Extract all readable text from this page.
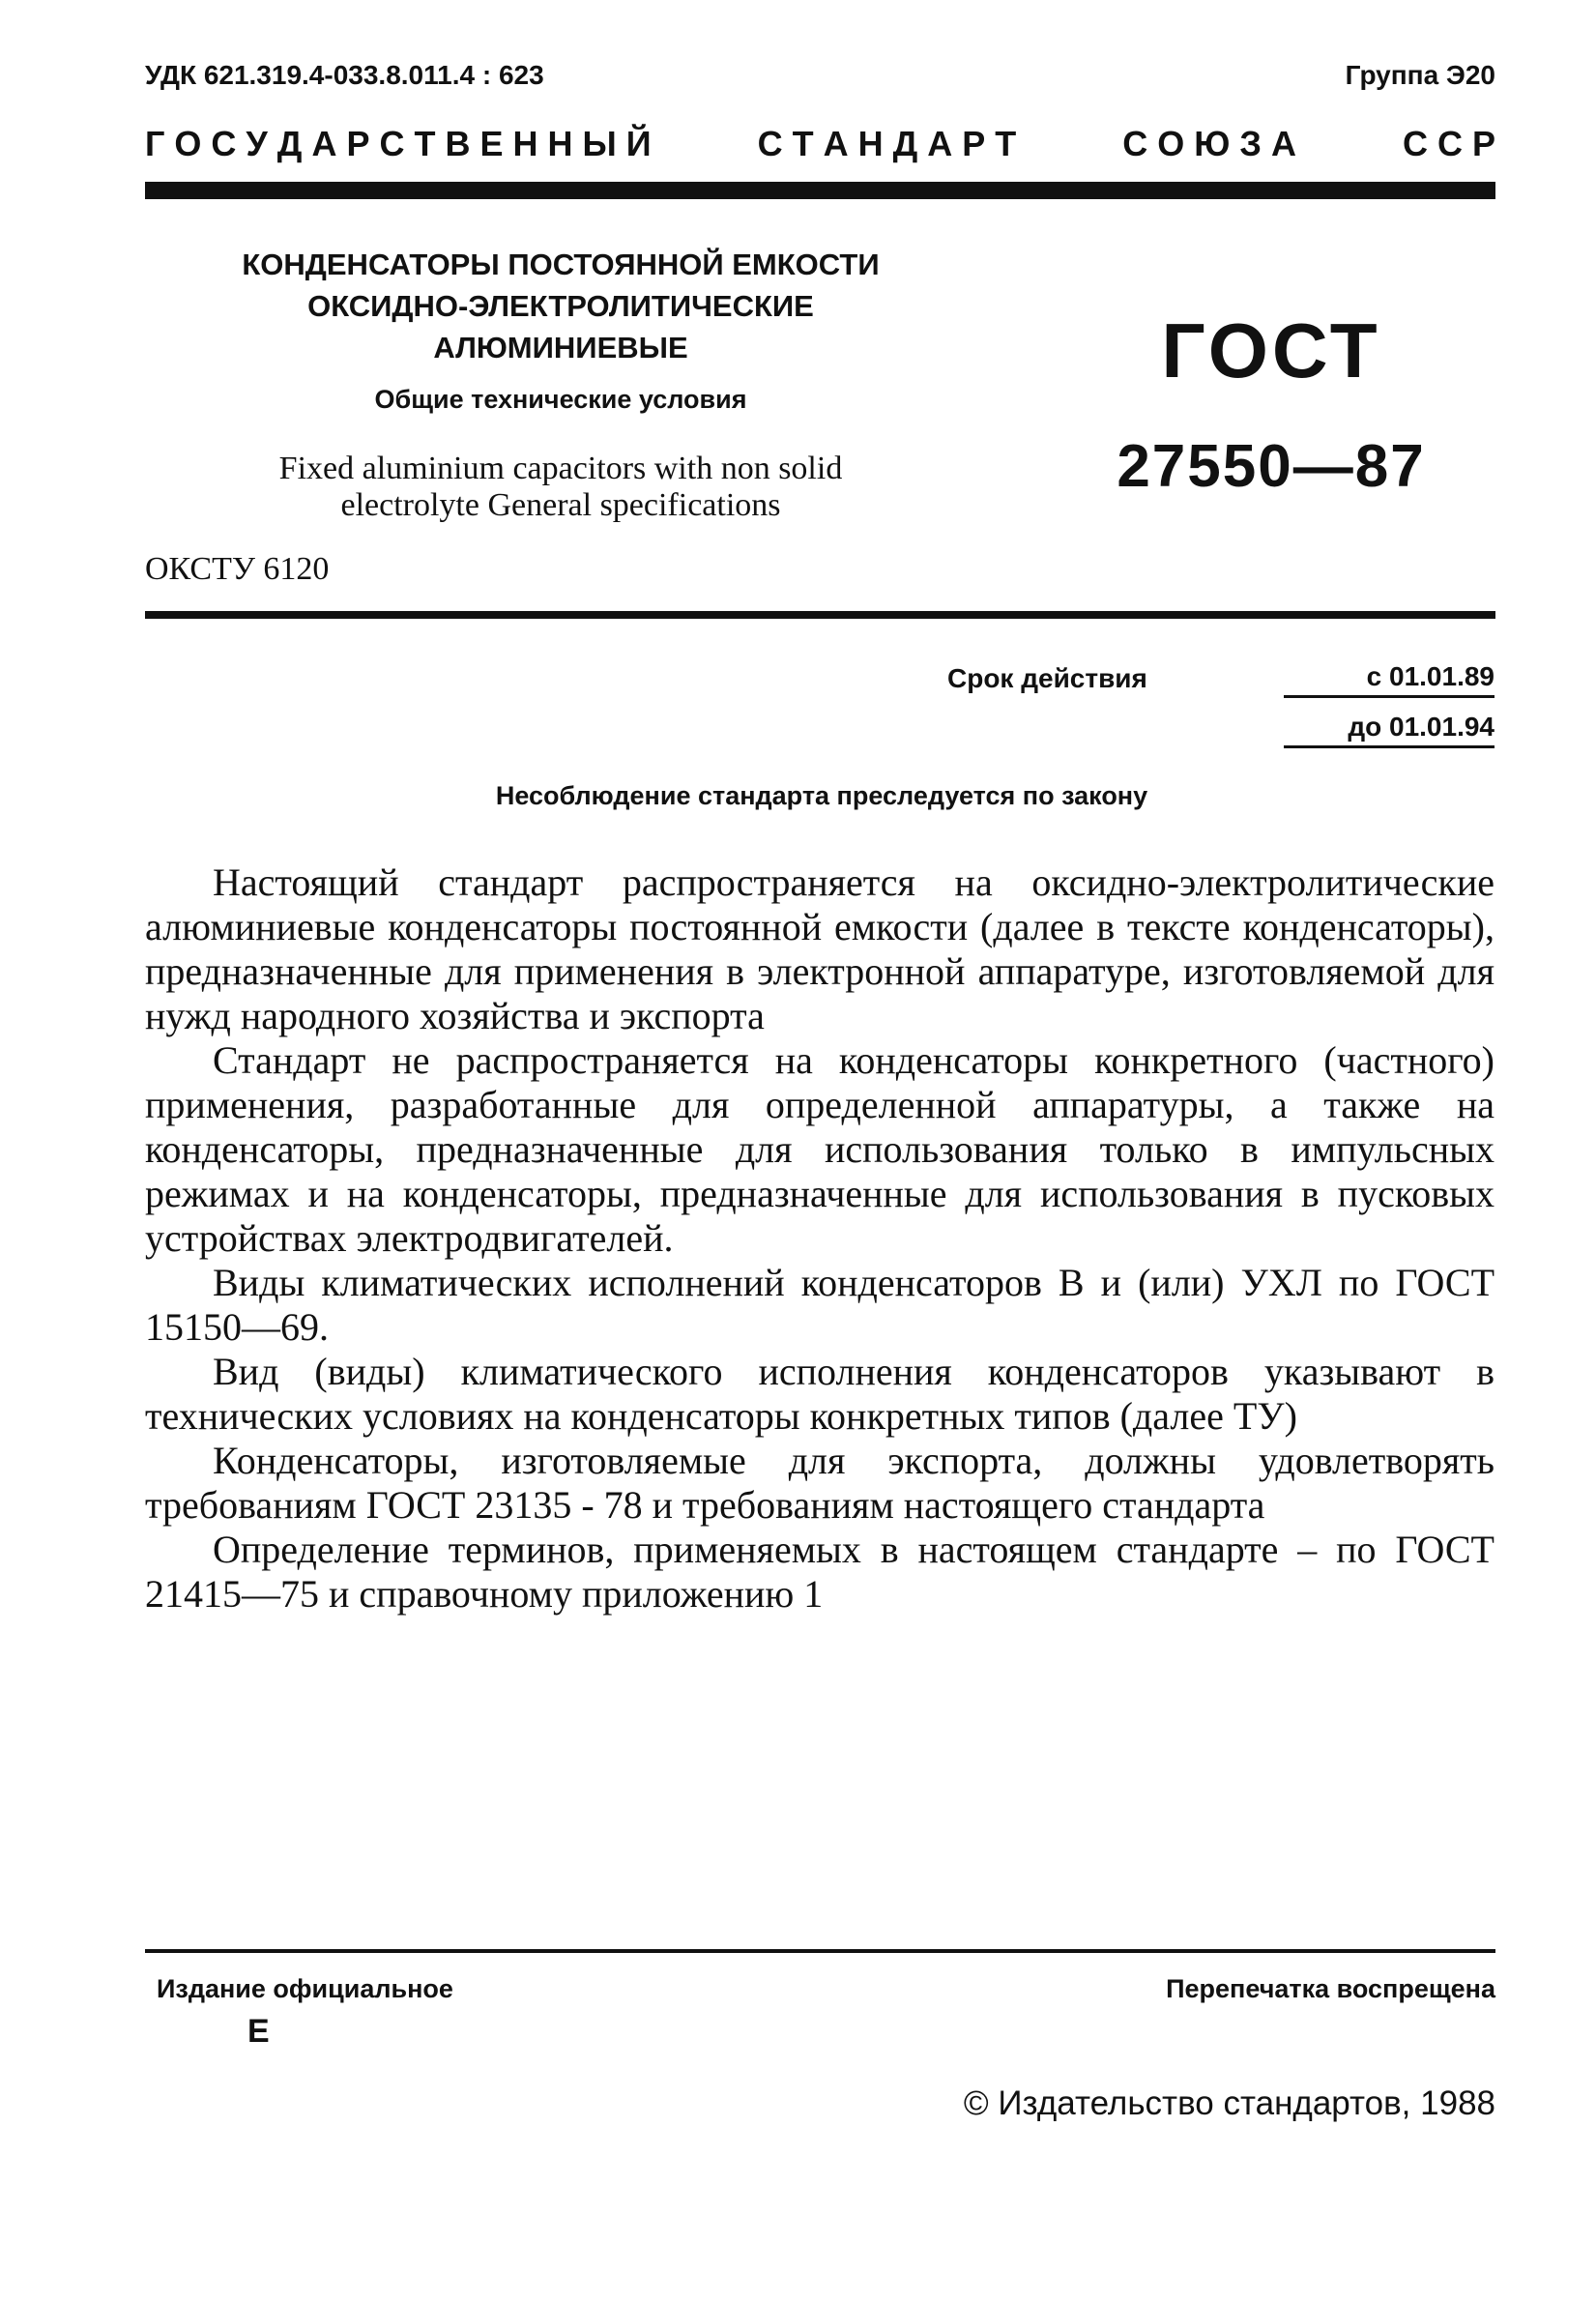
УДК 621.319.4-033.8.011.4 : 623	Группа Э20
Г О С У Д А Р С Т В Е Н Н Ы Й	С Т А Н Д А Р Т	С О Ю З А	С С Р
КОНДЕНСАТОРЫ ПОСТОЯННОЙ ЕМКОСТИ
ОКСИДНО-ЭЛЕКТРОЛИТИЧЕСКИЕ
АЛЮМИНИЕВЫЕ
Общие технические условия
Fixed aluminium capacitors with non solid
electrolyte General specifications
ГОСТ
27550—87
ОКСТУ 6120
Срок действия	с 01.01.89
до 01.01.94
Несоблюдение стандарта преследуется по закону

Настоящий стандарт распространяется на оксидно-электролитические алюминиевые конденсаторы постоянной емкости (далее в тексте конденсаторы), предназначенные для применения в электронной аппаратуре, изготовляемой для нужд народного хозяйства и экспорта

Стандарт не распространяется на конденсаторы конкретного (частного) применения, разработанные для определенной аппаратуры, а также на конденсаторы, предназначенные для использования только в импульсных режимах и на конденсаторы, предназначенные для использования в пусковых устройствах электродвигателей.

Виды климатических исполнений конденсаторов В и (или) УХЛ по ГОСТ 15150—69.

Вид (виды) климатического исполнения конденсаторов указывают в технических условиях на конденсаторы конкретных типов (далее ТУ)

Конденсаторы, изготовляемые для экспорта, должны удовлетворять требованиям ГОСТ 23135 - 78 и требованиям настоящего стандарта

Определение терминов, применяемых в настоящем стандарте – по ГОСТ 21415—75 и справочному приложению 1

Издание официальное	Перепечатка воспрещена
Е
© Издательство стандартов, 1988
